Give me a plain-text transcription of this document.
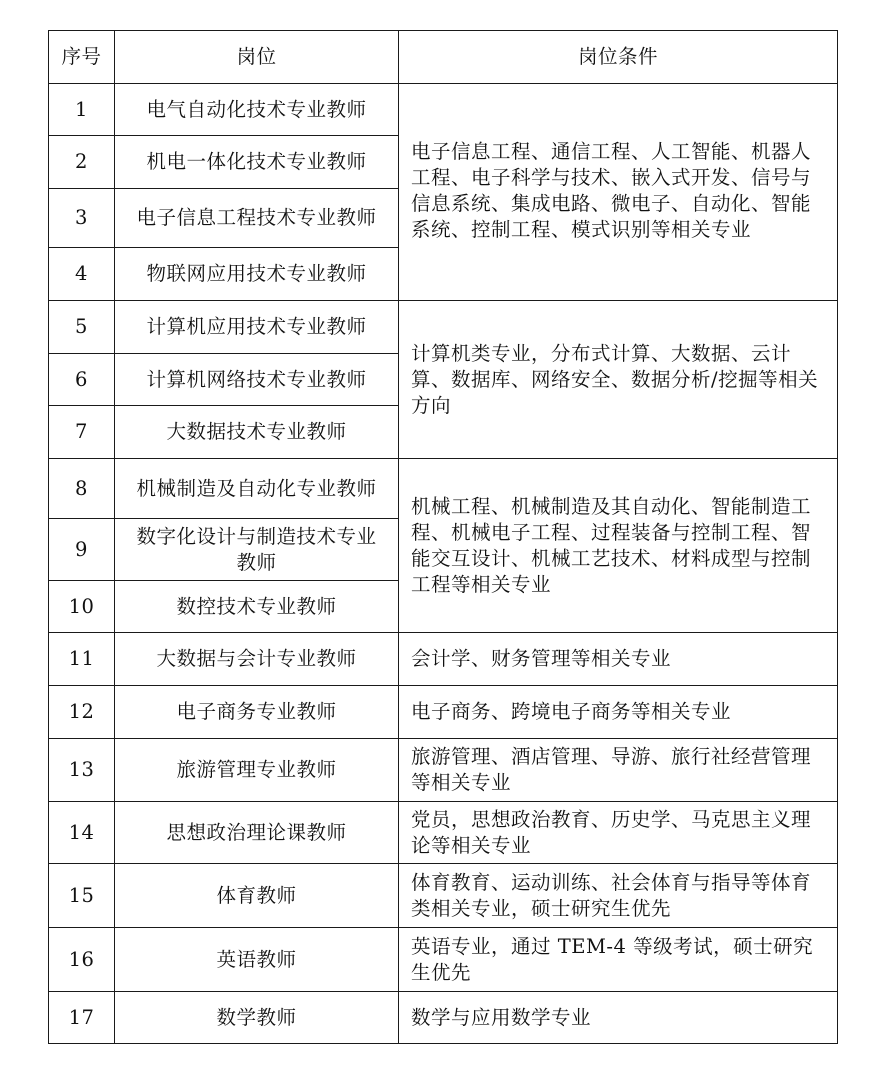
序号	岗位	岗位条件
1	电气自动化技术专业教师	电子信息工程、通信工程、人工智能、机器人工程、电子科学与技术、嵌入式开发、信号与信息系统、集成电路、微电子、自动化、智能系统、控制工程、模式识别等相关专业
2	机电一体化技术专业教师	
3	电子信息工程技术专业教师	
4	物联网应用技术专业教师	
5	计算机应用技术专业教师	计算机类专业，分布式计算、大数据、云计算、数据库、网络安全、数据分析/挖掘等相关方向
6	计算机网络技术专业教师	
7	大数据技术专业教师	
8	机械制造及自动化专业教师	机械工程、机械制造及其自动化、智能制造工程、机械电子工程、过程装备与控制工程、智能交互设计、机械工艺技术、材料成型与控制工程等相关专业
9	数字化设计与制造技术专业教师	
10	数控技术专业教师	
11	大数据与会计专业教师	会计学、财务管理等相关专业
12	电子商务专业教师	电子商务、跨境电子商务等相关专业
13	旅游管理专业教师	旅游管理、酒店管理、导游、旅行社经营管理等相关专业
14	思想政治理论课教师	党员，思想政治教育、历史学、马克思主义理论等相关专业
15	体育教师	体育教育、运动训练、社会体育与指导等体育类相关专业，硕士研究生优先
16	英语教师	英语专业，通过 TEM-4 等级考试，硕士研究生优先
17	数学教师	数学与应用数学专业
